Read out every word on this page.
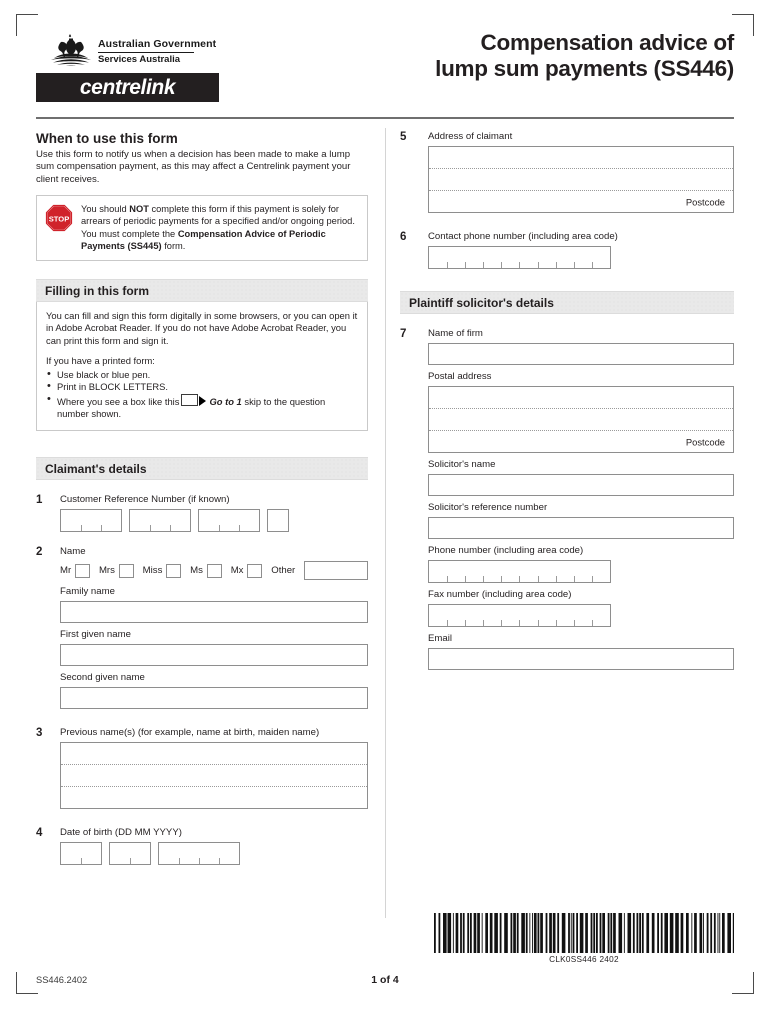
Australian Government
Services Australia
centrelink
Compensation advice of
lump sum payments (SS446)
When to use this form

Use this form to notify us when a decision has been made to make a lump sum compensation payment, as this may affect a Centrelink payment your client receives.

STOP
You should NOT complete this form if this payment is solely for arrears of periodic payments for a specified and/or ongoing period. You must complete the Compensation Advice of Periodic Payments (SS445) form.
Filling in this form

You can fill and sign this form digitally in some browsers, or you can open it in Adobe Acrobat Reader. If you do not have Adobe Acrobat Reader, you can print this form and sign it.

If you have a printed form:

• Use black or blue pen.
• Print in BLOCK LETTERS.
• Where you see a box like this	Go to 1 skip to the question number shown.
Claimant's details
1	Customer Reference Number (if known)

2	Name

Mr	Mrs	Miss	Ms	Mx	Other

Family name

First given name

Second given name

3	Previous name(s) (for example, name at birth, maiden name)

4	Date of birth (DD MM YYYY)

5	Address of claimant

Postcode
6	Contact phone number (including area code)

Plaintiff solicitor's details
7	Name of firm

Postal address

Postcode

Solicitor's name

Solicitor's reference number

Phone number (including area code)

Fax number (including area code)

Email

CLK0SS446 2402
SS446.2402	1 of 4
